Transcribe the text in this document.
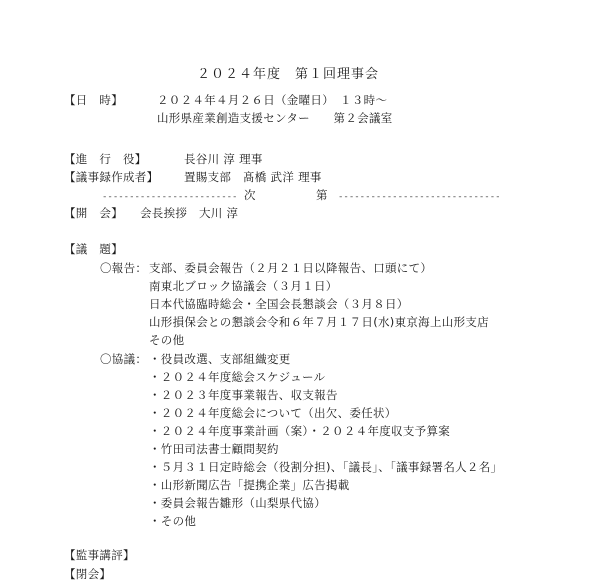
２０２４年度　第１回理事会
【日　時】	２０２４年４月２６日（金曜日）　１３時～
山形県産業創造支援センター　　第２会議室
【進　行　役】	長谷川 淳 理事
【議事録作成者】 置賜支部　髙橋 武洋 理事
------------------------- 次	第 ------------------------------
【開　会】 会長挨拶　大川 淳
【議　題】
〇報告： 支部、委員会報告（２月２１日以降報告、口頭にて）
南東北ブロック協議会（３月１日）
日本代協臨時総会・全国会長懇談会（３月８日）
山形損保会との懇談会令和６年７月１７日(水)東京海上山形支店
その他
〇協議： ・役員改選、支部組織変更
・２０２４年度総会スケジュール
・２０２３年度事業報告、収支報告
・２０２４年度総会について（出欠、委任状）
・２０２４年度事業計画（案）・２０２４年度収支予算案
・竹田司法書士顧問契約
・５月３１日定時総会（役割分担)、「議長」、「議事録署名人２名」
・山形新聞広告「提携企業」広告掲載
・委員会報告雛形（山梨県代協）
・その他
【監事講評】
【閉会】
